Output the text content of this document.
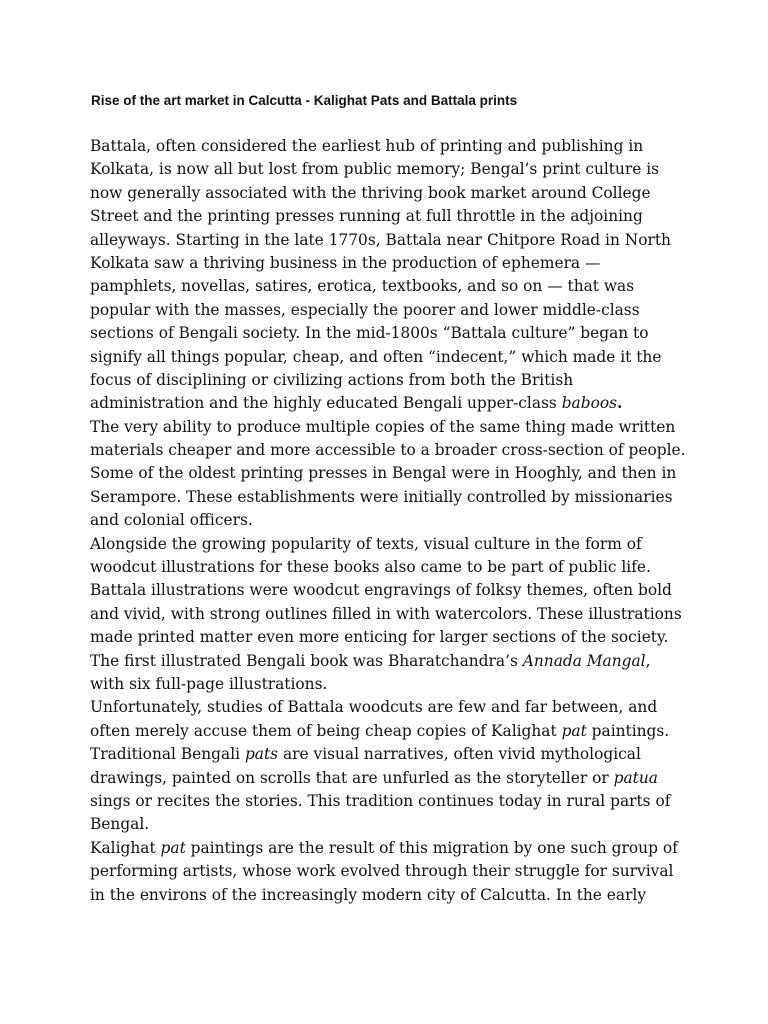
Rise of the art market in Calcutta - Kalighat Pats and Battala prints
Battala, often considered the earliest hub of printing and publishing in
Kolkata, is now all but lost from public memory; Bengal’s print culture is
now generally associated with the thriving book market around College
Street and the printing presses running at full throttle in the adjoining
alleyways. Starting in the late 1770s, Battala near Chitpore Road in North
Kolkata saw a thriving business in the production of ephemera —
pamphlets, novellas, satires, erotica, textbooks, and so on — that was
popular with the masses, especially the poorer and lower middle-class
sections of Bengali society. In the mid-1800s “Battala culture” began to
signify all things popular, cheap, and often “indecent,” which made it the
focus of disciplining or civilizing actions from both the British
administration and the highly educated Bengali upper-class baboos.
The very ability to produce multiple copies of the same thing made written
materials cheaper and more accessible to a broader cross-section of people.
Some of the oldest printing presses in Bengal were in Hooghly, and then in
Serampore. These establishments were initially controlled by missionaries
and colonial officers.
Alongside the growing popularity of texts, visual culture in the form of
woodcut illustrations for these books also came to be part of public life.
Battala illustrations were woodcut engravings of folksy themes, often bold
and vivid, with strong outlines filled in with watercolors. These illustrations
made printed matter even more enticing for larger sections of the society.
The first illustrated Bengali book was Bharatchandra’s Annada Mangal,
with six full-page illustrations.
Unfortunately, studies of Battala woodcuts are few and far between, and
often merely accuse them of being cheap copies of Kalighat pat paintings.
Traditional Bengali pats are visual narratives, often vivid mythological
drawings, painted on scrolls that are unfurled as the storyteller or patua
sings or recites the stories. This tradition continues today in rural parts of
Bengal.
Kalighat pat paintings are the result of this migration by one such group of
performing artists, whose work evolved through their struggle for survival
in the environs of the increasingly modern city of Calcutta. In the early
